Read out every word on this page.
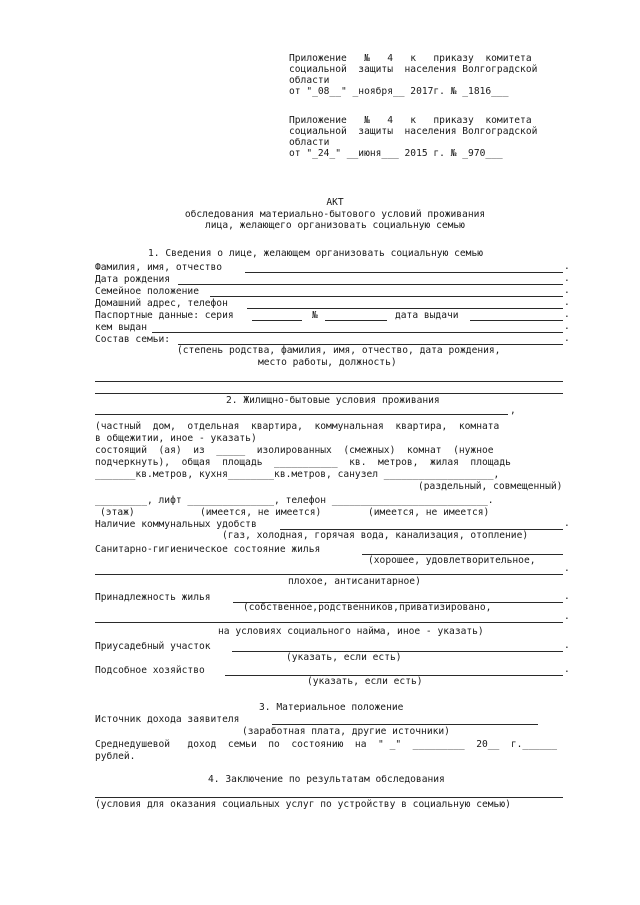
Приложение   №   4   к   приказу  комитета
социальной  защиты  населения Волгоградской
области
от "_08__" _ноября__ 2017г. № _1816___
Приложение   №   4   к   приказу  комитета
социальной  защиты  населения Волгоградской
области
от "_24_" __июня___ 2015 г. № _970___
АКТ
обследования материально-бытового условий проживания
лица, желающего организовать социальную семью
1. Сведения о лице, желающем организовать социальную семью
Фамилия, имя, отчество	.
Дата рождения	.
Семейное положение	.
Домашний адрес, телефон	.
Паспортные данные: серия	№	дата выдачи	.
кем выдан	.
Состав семьи:	.
(степень родства, фамилия, имя, отчество, дата рождения,
место работы, должность)
2. Жилищно-бытовые условия проживания
,
(частный  дом,  отдельная  квартира,  коммунальная  квартира,  комната
в общежитии, иное - указать)
состоящий  (ая)  из  _____  изолированных  (смежных)  комнат  (нужное
подчеркнуть),  общая  площадь  ___________  кв.  метров,  жилая  площадь
_______кв.метров, кухня________кв.метров, санузел ___________________,
(раздельный, совмещенный)
_________, лифт _______________, телефон ___________________________.
(этаж)	(имеется, не имеется)	(имеется, не имеется)
Наличие коммунальных удобств	.
(газ, холодная, горячая вода, канализация, отопление)
Санитарно-гигиеническое состояние жилья
(хорошее, удовлетворительное,
.
плохое, антисанитарное)
Принадлежность жилья	.
(собственное,родственников,приватизировано,
.
на условиях социального найма, иное - указать)
Приусадебный участок	.
(указать, если есть)
Подсобное хозяйство	.
(указать, если есть)
3. Материальное положение
Источник дохода заявителя
(заработная плата, другие источники)
Среднедушевой   доход  семьи  по  состоянию  на  " _"  _________  20__  г.______
рублей.
4. Заключение по результатам обследования
(условия для оказания социальных услуг по устройству в социальную семью)
